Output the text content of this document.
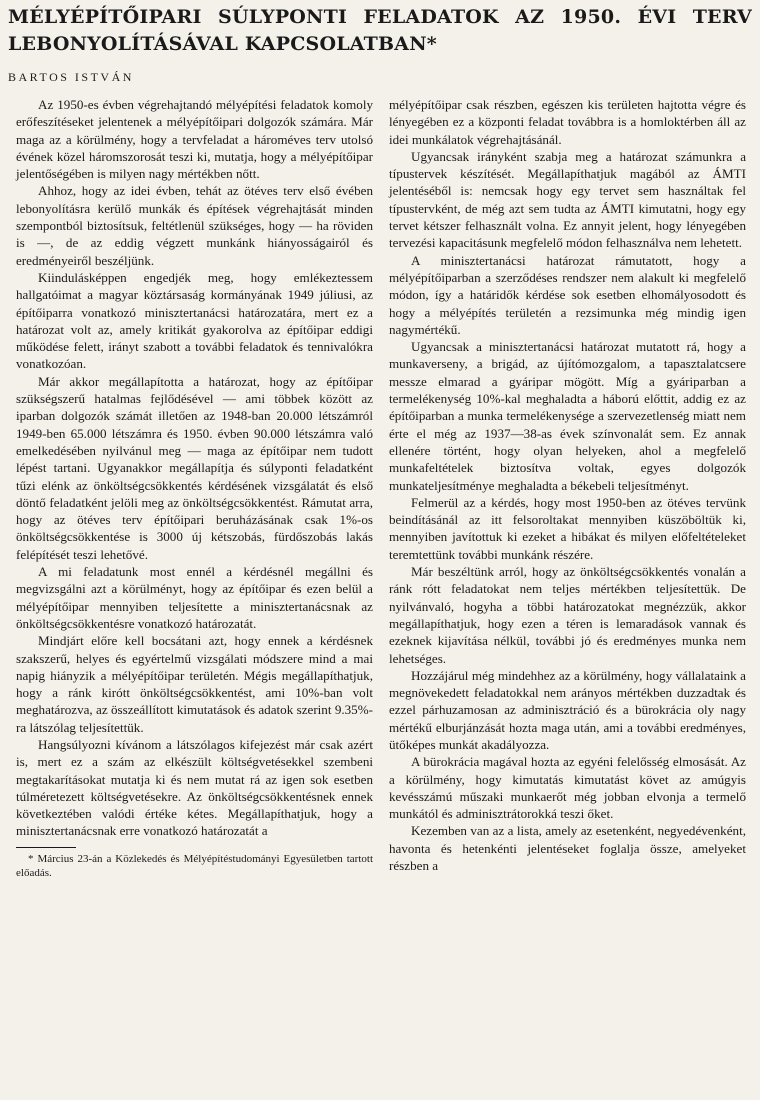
MÉLYÉPÍTŐIPARI SÚLYPONTI FELADATOK AZ 1950. ÉVI TERV LEBONYOLÍTÁSÁVAL KAPCSOLATBAN*
BARTOS ISTVÁN

Az 1950-es évben végrehajtandó mélyépítési feladatok komoly erőfeszítéseket jelentenek a mélyépítőipari dolgozók számára. Már maga az a körülmény, hogy a tervfeladat a hároméves terv utolsó évének közel háromszorosát teszi ki, mutatja, hogy a mélyépítőipar jelentőségében is milyen nagy mértékben nőtt.

Ahhoz, hogy az idei évben, tehát az ötéves terv első évében lebonyolításra kerülő munkák és építések végrehajtását minden szempontból biztosítsuk, feltétlenül szükséges, hogy — ha röviden is —, de az eddig végzett munkánk hiányosságairól és eredményeiről beszéljünk.

Kiindulásképpen engedjék meg, hogy emlékeztessem hallgatóimat a magyar köztársaság kormányának 1949 júliusi, az építőiparra vonatkozó minisztertanácsi határozatára, mert ez a határozat volt az, amely kritikát gyakorolva az építőipar eddigi működése felett, irányt szabott a további feladatok és tennivalókra vonatkozóan.

Már akkor megállapította a határozat, hogy az építőipar szükségszerű hatalmas fejlődésével — ami többek között az iparban dolgozók számát illetően az 1948-ban 20.000 létszámról 1949-ben 65.000 létszámra és 1950. évben 90.000 létszámra való emelkedésében nyilvánul meg — maga az építőipar nem tudott lépést tartani. Ugyanakkor megállapítja és súlyponti feladatként tűzi elénk az önköltségcsökkentés kérdésének vizsgálatát és első döntő feladatként jelöli meg az önköltségcsökkentést. Rámutat arra, hogy az ötéves terv építőipari beruházásának csak 1%-os önköltségcsökkentése is 3000 új kétszobás, fürdőszobás lakás felépítését teszi lehetővé.

A mi feladatunk most ennél a kérdésnél megállni és megvizsgálni azt a körülményt, hogy az építőipar és ezen belül a mélyépítőipar mennyiben teljesítette a minisztertanácsnak az önköltségcsökkentésre vonatkozó határozatát.

Mindjárt előre kell bocsátani azt, hogy ennek a kérdésnek szakszerű, helyes és egyértelmű vizsgálati módszere mind a mai napig hiányzik a mélyépítőipar területén. Mégis megállapíthatjuk, hogy a ránk kirótt önköltségcsökkentést, ami 10%-ban volt meghatározva, az összeállított kimutatások és adatok szerint 9.35%-ra látszólag teljesítettük.

Hangsúlyozni kívánom a látszólagos kifejezést már csak azért is, mert ez a szám az elkészült költségvetésekkel szembeni megtakarításokat mutatja ki és nem mutat rá az igen sok esetben túlméretezett költségvetésekre. Az önköltségcsökkentésnek ennek következtében valódi értéke kétes. Megállapíthatjuk, hogy a minisztertanácsnak erre vonatkozó határozatát a

* Március 23-án a Közlekedés és Mélyépítéstudományi Egyesületben tartott előadás.

mélyépítőipar csak részben, egészen kis területen hajtotta végre és lényegében ez a központi feladat továbbra is a homloktérben áll az idei munkálatok végrehajtásánál.

Ugyancsak irányként szabja meg a határozat számunkra a típustervek készítését. Megállapíthatjuk magából az ÁMTI jelentéséből is: nemcsak hogy egy tervet sem használtak fel típustervként, de még azt sem tudta az ÁMTI kimutatni, hogy egy tervet kétszer felhasznált volna. Ez annyit jelent, hogy lényegében tervezési kapacitásunk megfelelő módon felhasználva nem lehetett.

A minisztertanácsi határozat rámutatott, hogy a mélyépítőiparban a szerződéses rendszer nem alakult ki megfelelő módon, így a határidők kérdése sok esetben elhomályosodott és hogy a mélyépítés területén a rezsimunka még mindig igen nagymértékű.

Ugyancsak a minisztertanácsi határozat mutatott rá, hogy a munkaverseny, a brigád, az újítómozgalom, a tapasztalatcsere messze elmarad a gyáripar mögött. Míg a gyáriparban a termelékenység 10%-kal meghaladta a háború előttit, addig ez az építőiparban a munka termelékenysége a szervezetlenség miatt nem érte el még az 1937—38-as évek színvonalát sem. Ez annak ellenére történt, hogy olyan helyeken, ahol a megfelelő munkafeltételek biztosítva voltak, egyes dolgozók munkateljesítménye meghaladta a békebeli teljesítményt.

Felmerül az a kérdés, hogy most 1950-ben az ötéves tervünk beindításánál az itt felsoroltakat mennyiben küszöböltük ki, mennyiben javítottuk ki ezeket a hibákat és milyen előfeltételeket teremtettünk további munkánk részére.

Már beszéltünk arról, hogy az önköltségcsökkentés vonalán a ránk rótt feladatokat nem teljes mértékben teljesítettük. De nyilvánvaló, hogyha a többi határozatokat megnézzük, akkor megállapíthatjuk, hogy ezen a téren is lemaradások vannak és ezeknek kijavítása nélkül, további jó és eredményes munka nem lehetséges.

Hozzájárul még mindehhez az a körülmény, hogy vállalataink a megnövekedett feladatokkal nem arányos mértékben duzzadtak és ezzel párhuzamosan az adminisztráció és a bürokrácia oly nagy mértékű elburjánzását hozta maga után, ami a további eredményes, ütőképes munkát akadályozza.

A bürokrácia magával hozta az egyéni felelősség elmosását. Az a körülmény, hogy kimutatás kimutatást követ az amúgyis kevésszámú műszaki munkaerőt még jobban elvonja a termelő munkától és adminisztrátorokká teszi őket.

Kezemben van az a lista, amely az esetenként, negyedévenként, havonta és hetenkénti jelentéseket foglalja össze, amelyeket részben a
